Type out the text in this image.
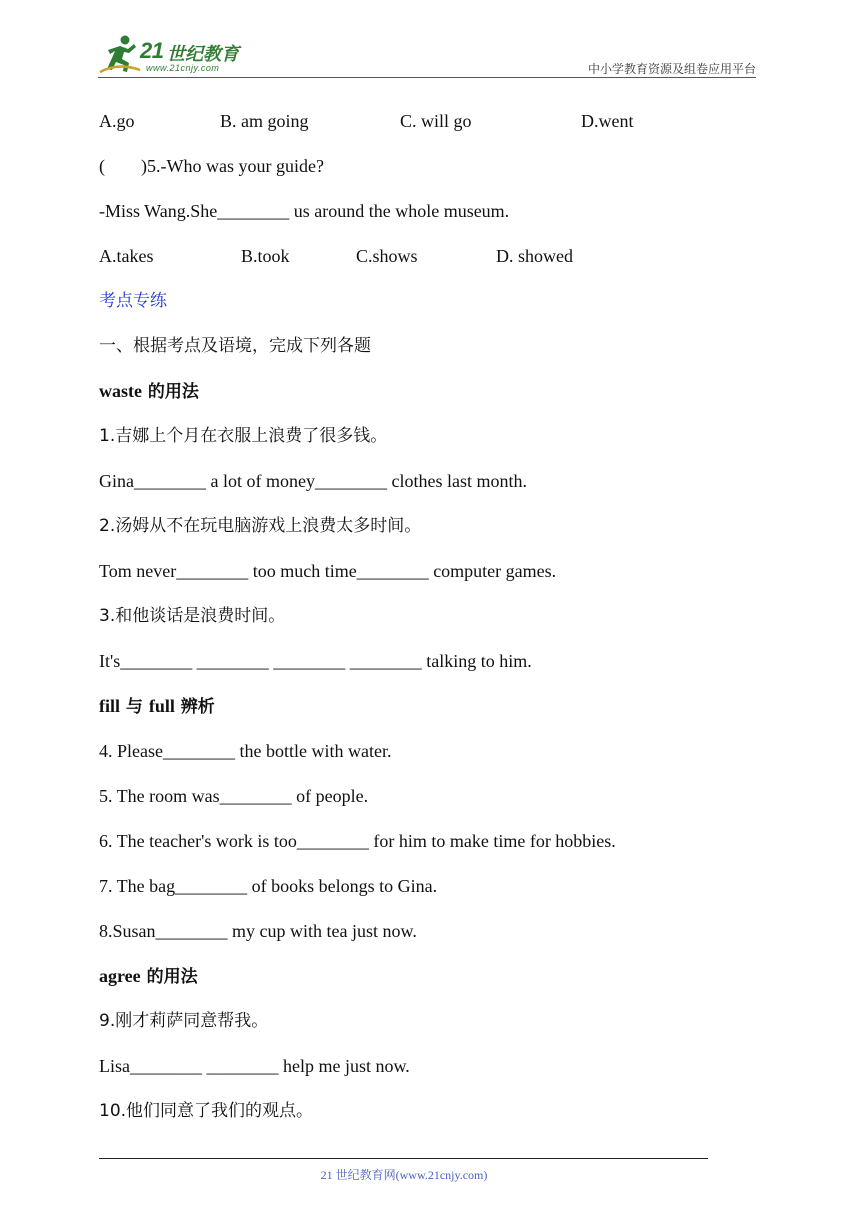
21 世纪教育
www.21cnjy.com	中小学教育资源及组卷应用平台
A.go	B. am going	C. will go	D.went
(　　)5.-Who was your guide?
-Miss Wang.She________ us around the whole museum.
A.takes	B.took	C.shows	D. showed
考点专练
一、根据考点及语境，完成下列各题
waste 的用法
1.吉娜上个月在衣服上浪费了很多钱。
Gina________ a lot of money________ clothes last month.
2.汤姆从不在玩电脑游戏上浪费太多时间。
Tom never________ too much time________ computer games.
3.和他谈话是浪费时间。
It's________ ________ ________ ________ talking to him.
fill 与 full 辨析
4. Please________ the bottle with water.
5. The room was________ of people.
6. The teacher's work is too________ for him to make time for hobbies.
7. The bag________ of books belongs to Gina.
8.Susan________ my cup with tea just now.
agree 的用法
9.刚才莉萨同意帮我。
Lisa________ ________ help me just now.
10.他们同意了我们的观点。
21 世纪教育网(www.21cnjy.com)
